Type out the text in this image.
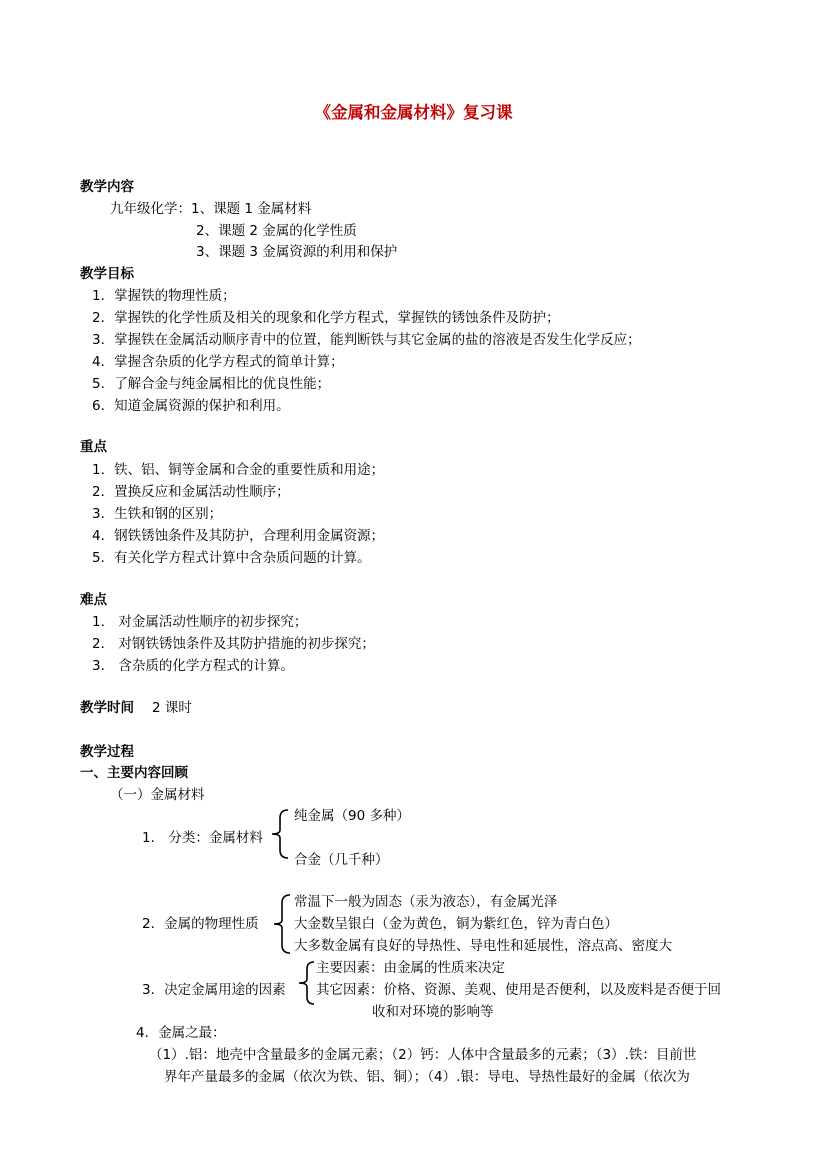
《金属和金属材料》复习课
教学内容
九年级化学：1、课题 1 金属材料
2、课题 2 金属的化学性质
3、课题 3 金属资源的利用和保护
教学目标
1．掌握铁的物理性质；
2．掌握铁的化学性质及相关的现象和化学方程式，掌握铁的锈蚀条件及防护；
3．掌握铁在金属活动顺序青中的位置，能判断铁与其它金属的盐的溶液是否发生化学反应；
4．掌握含杂质的化学方程式的简单计算；
5．了解合金与纯金属相比的优良性能；
6．知道金属资源的保护和利用。
重点
1．铁、铝、铜等金属和合金的重要性质和用途；
2．置换反应和金属活动性顺序；
3．生铁和钢的区别；
4．钢铁锈蚀条件及其防护，合理利用金属资源；
5．有关化学方程式计算中含杂质问题的计算。
难点
1． 对金属活动性顺序的初步探究；
2． 对钢铁锈蚀条件及其防护措施的初步探究；
3． 含杂质的化学方程式的计算。
教学时间 2 课时
教学过程
一、主要内容回顾
（一）金属材料
1． 分类：金属材料
纯金属（90 多种）
合金（几千种）
2．金属的物理性质
常温下一般为固态（汞为液态），有金属光泽
大金数呈银白（金为黄色，铜为紫红色，锌为青白色）
大多数金属有良好的导热性、导电性和延展性，溶点高、密度大
3．决定金属用途的因素
主要因素：由金属的性质来决定
其它因素：价格、资源、美观、使用是否便利，以及废料是否便于回
收和对环境的影响等
4．金属之最：
（1）.铝：地壳中含量最多的金属元素；（2）钙：人体中含量最多的元素；（3）.铁：目前世
界年产量最多的金属（依次为铁、铝、铜）；（4）.银：导电、导热性最好的金属（依次为
